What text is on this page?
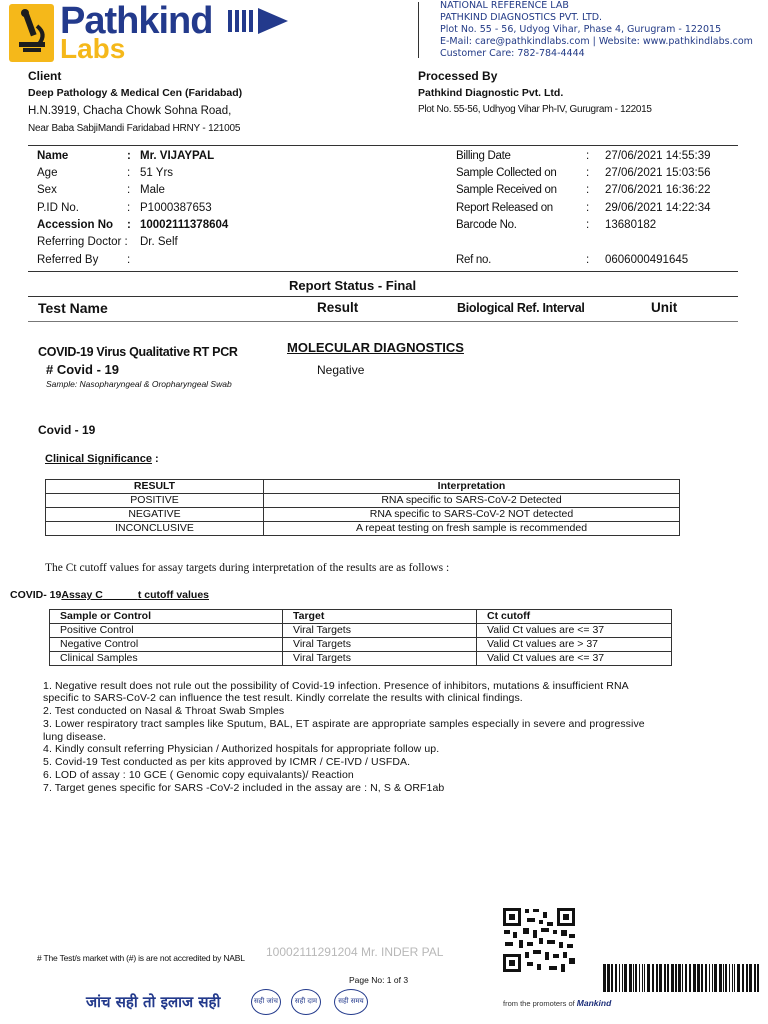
Pathkind
Labs
NATIONAL REFERENCE LAB
PATHKIND DIAGNOSTICS PVT. LTD.
Plot No. 55 - 56, Udyog Vihar, Phase 4, Gurugram - 122015
E-Mail: care@pathkindlabs.com | Website: www.pathkindlabs.com
Customer Care: 782-784-4444
Client
Deep Pathology & Medical Cen (Faridabad)
H.N.3919, Chacha Chowk Sohna Road,
Near Baba SabjiMandi Faridabad HRNY - 121005
Processed By
Pathkind Diagnostic Pvt. Ltd.
Plot No. 55-56, Udhyog Vihar Ph-IV, Gurugram - 122015
Name	: Mr. VIJAYPAL
Age	: 51 Yrs
Sex	: Male
P.ID No.	: P1000387653
Accession No : 10002111378604
Referring Doctor : Dr. Self
Referred By :
Billing Date	: 27/06/2021 14:55:39
Sample Collected on	: 27/06/2021 15:03:56
Sample Received on	: 27/06/2021 16:36:22
Report Released on	: 29/06/2021 14:22:34
Barcode No.	: 13680182
Ref no.	: 0606000491645
Report Status - Final
Test Name	Result	Biological Ref. Interval	Unit
MOLECULAR DIAGNOSTICS
COVID-19 Virus Qualitative RT PCR
# Covid - 19	Negative
Sample: Nasopharyngeal & Oropharyngeal Swab
Covid - 19
Clinical Significance :
RESULT	Interpretation
POSITIVE	RNA specific to SARS-CoV-2 Detected
NEGATIVE	RNA specific to SARS-CoV-2 NOT detected
INCONCLUSIVE	A repeat testing on fresh sample is recommended
The Ct cutoff values for assay targets during interpretation of the results are as follows :
COVID- 19Assay C	t cutoff values
Sample or Control	Target	Ct cutoff
Positive Control	Viral Targets	Valid Ct values are <= 37
Negative Control	Viral Targets	Valid Ct values are > 37
Clinical Samples	Viral Targets	Valid Ct values are <= 37
1. Negative result does not rule out the possibility of Covid-19 infection. Presence of inhibitors, mutations & insufficient RNA
specific to SARS-CoV-2 can influence the test result. Kindly correlate the results with clinical findings.
2. Test conducted on Nasal & Throat Swab Smples
3. Lower respiratory tract samples like Sputum, BAL, ET aspirate are appropriate samples especially in severe and progressive
lung disease.
4. Kindly consult referring Physician / Authorized hospitals for appropriate follow up.
5. Covid-19 Test conducted as per kits approved by ICMR / CE-IVD / USFDA.
6. LOD of assay : 10 GCE ( Genomic copy equivalants)/ Reaction
7. Target genes specific for SARS -CoV-2 included in the assay are : N, S & ORF1ab
# The Test/s market with (#) is are not accredited by NABL 10002111291204 Mr. INDER PAL
Page No: 1 of 3
जांच सही तो इलाज सही	सही जांच	सही दाम	सही समय	from the promoters of Mankind
